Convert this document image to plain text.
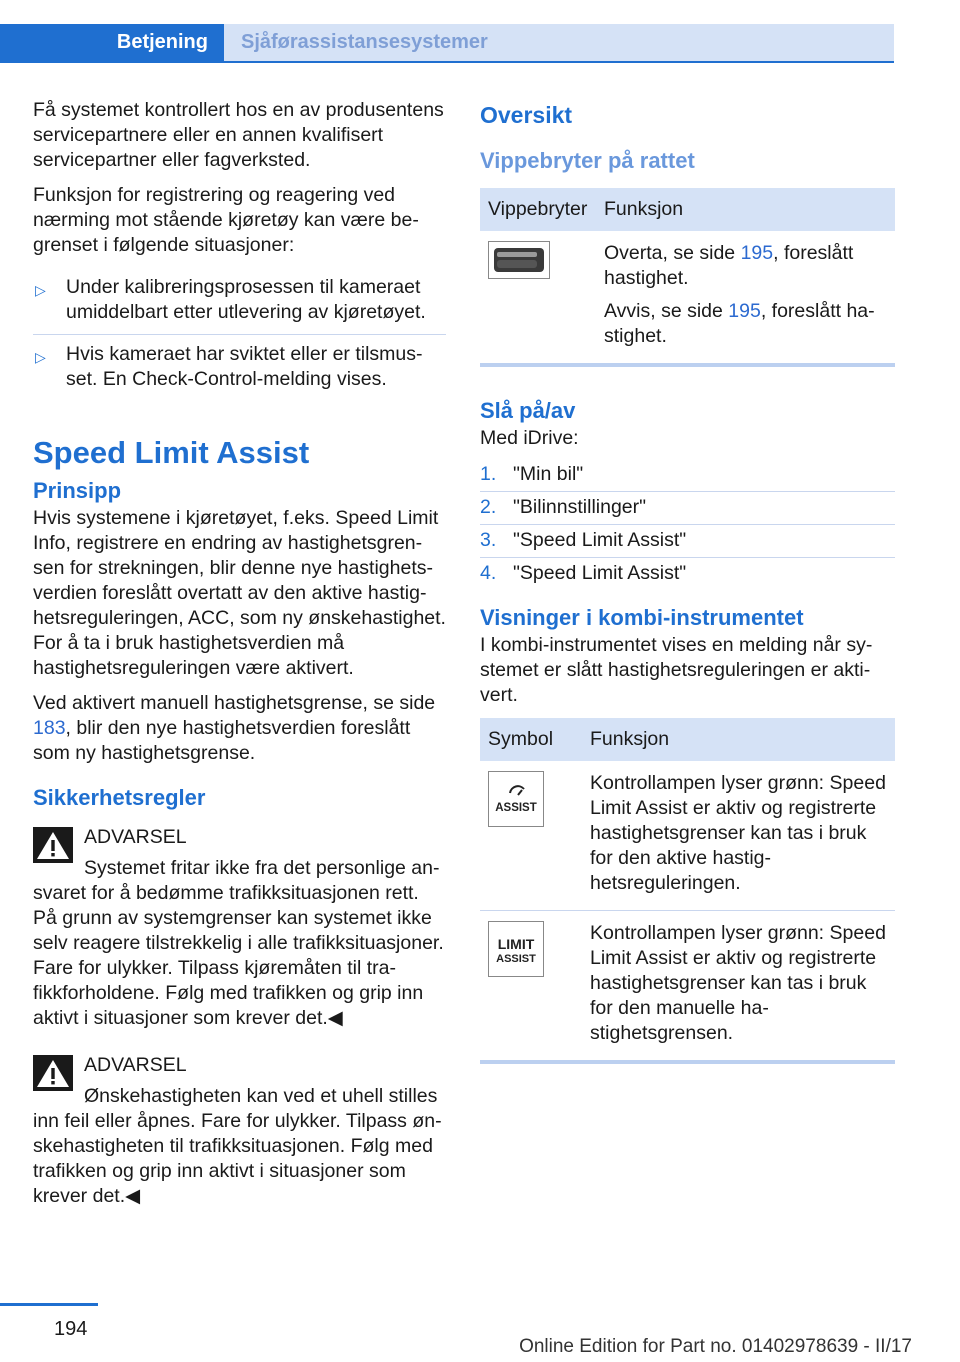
Betjening	Sjåførassistansesystemer

Få systemet kontrollert hos en av produsentens servicepartnere eller en annen kvalifisert servicepartner eller fagverksted.

Funksjon for registrering og reagering ved nærming mot stående kjøretøy kan være begrenset i følgende situasjoner:

▷ Under kalibreringsprosessen til kameraet umiddelbart etter utlevering av kjøretøyet.
▷ Hvis kameraet har sviktet eller er tilsmusset. En Check-Control-melding vises.
Speed Limit Assist
Prinsipp

Hvis systemene i kjøretøyet, f.eks. Speed Limit Info, registrere en endring av hastighetsgrensen for strekningen, blir denne nye hastighetsverdien foreslått overtatt av den aktive hastighetsreguleringen, ACC, som ny ønskehastighet. For å ta i bruk hastighetsverdien må hastighetsreguleringen være aktivert.

Ved aktivert manuell hastighetsgrense, se side 183, blir den nye hastighetsverdien foreslått som ny hastighetsgrense.

Sikkerhetsregler
ADVARSEL
Systemet fritar ikke fra det personlige ansvaret for å bedømme trafikksituasjonen rett. På grunn av systemgrenser kan systemet ikke selv reagere tilstrekkelig i alle trafikksituasjoner. Fare for ulykker. Tilpass kjøremåten til trafikkforholdene. Følg med trafikken og grip inn aktivt i situasjoner som krever det.◀
ADVARSEL
Ønskehastigheten kan ved et uhell stilles inn feil eller åpnes. Fare for ulykker. Tilpass ønskehastigheten til trafikksituasjonen. Følg med trafikken og grip inn aktivt i situasjoner som krever det.◀
Oversikt
Vippebryter på rattet
Vippebryter	Funksjon

Overta, se side 195, foreslått hastighet.

Avvis, se side 195, foreslått hastighet.

Slå på/av

Med iDrive:

1. "Min bil"
2. "Bilinnstillinger"
3. "Speed Limit Assist"
4. "Speed Limit Assist"
Visninger i kombi-instrumentet

I kombi-instrumentet vises en melding når systemet er slått hastighetsreguleringen er aktivert.

Symbol	Funksjon

ASSIST	Kontrollampen lyser grønn: Speed Limit Assist er aktiv og registrerte hastighetsgrenser kan tas i bruk for den aktive hastighetsreguleringen.

LIMIT
ASSIST	Kontrollampen lyser grønn: Speed Limit Assist er aktiv og registrerte hastighetsgrenser kan tas i bruk for den manuelle hastighetsgrensen.
194
Online Edition for Part no. 01402978639 - II/17
